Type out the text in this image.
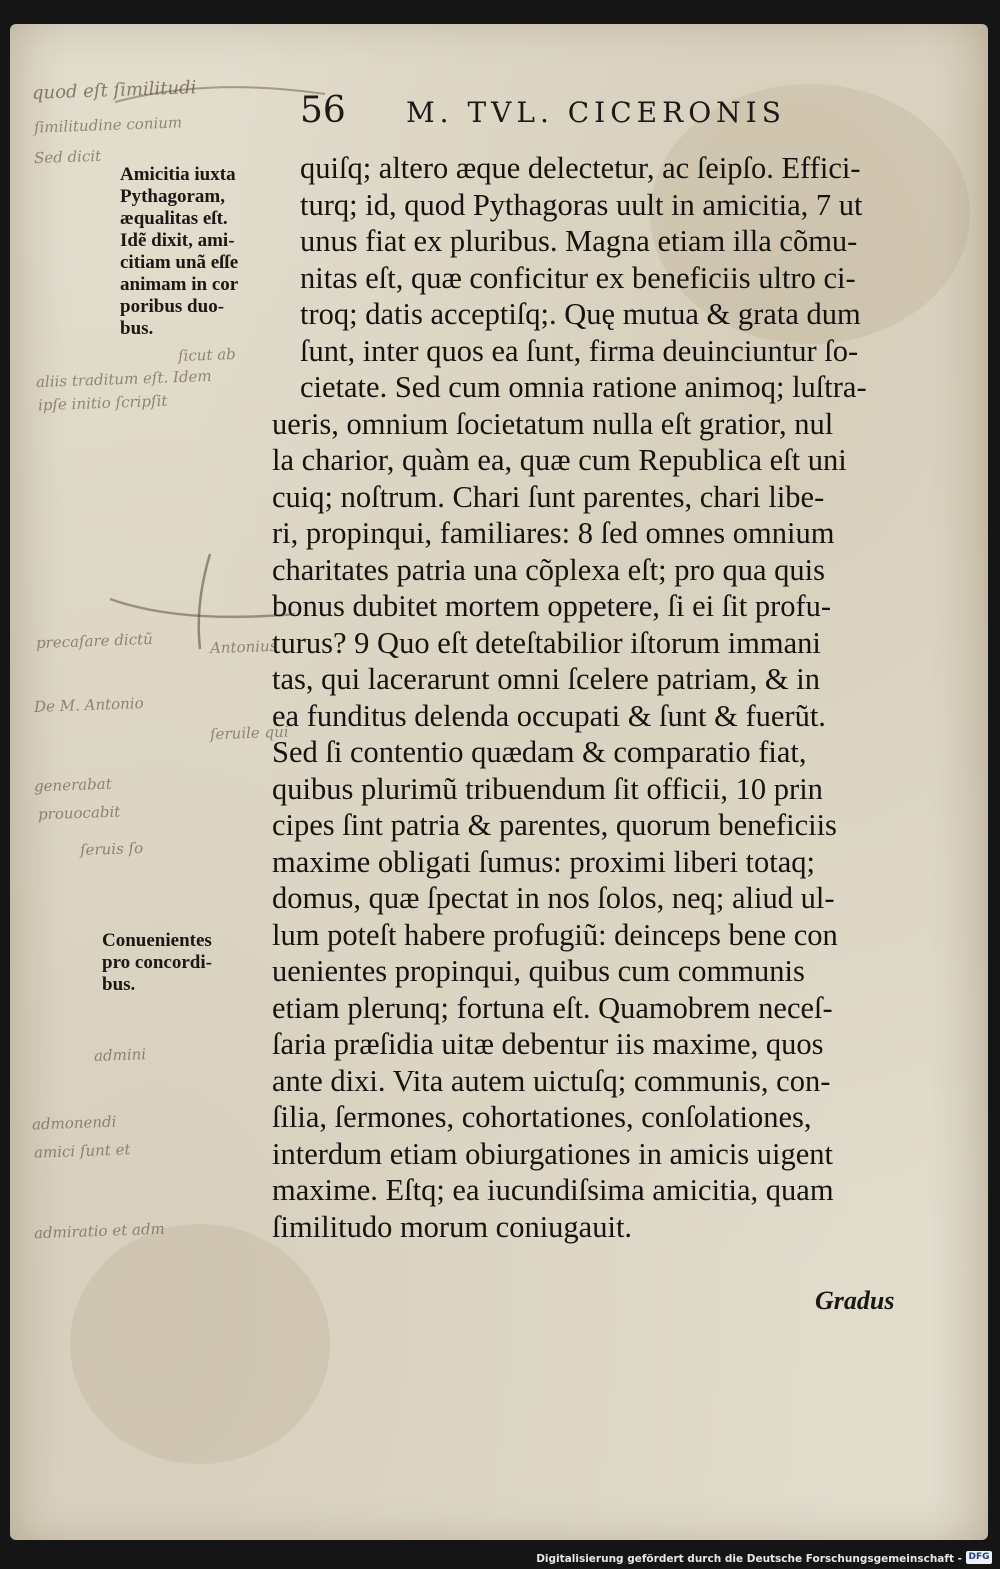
56 M. TVL. CICERONIS
quod eſt ſimilitudi
ſimilitudine conium
Sed dicit
ſicut ab
aliis traditum eſt. Idem
ipſe initio ſcripſit
precaſare dictũ	Antonius
De M. Antonio
ſeruile qui
generabat
prouocabit
ſeruis ſo
admini
admonendi
amici ſunt et
admiratio et adm
Amicitia iuxta
Pythagoram,
æqualitas eſt.
Idẽ dixit, ami-
citiam unã eſſe
animam in cor
poribus duo-
bus.
Conuenientes
pro concordi-
bus.
quiſq; altero æque delectetur, ac ſeipſo. Effici-
turq; id, quod Pythagoras uult in amicitia, 7 ut
unus fiat ex pluribus. Magna etiam illa cõmu-
nitas eſt, quæ conficitur ex beneficiis ultro ci-
troq; datis acceptiſq;. Quę mutua & grata dum
ſunt, inter quos ea ſunt, firma deuinciuntur ſo-
cietate. Sed cum omnia ratione animoq; luſtra-
ueris, omnium ſocietatum nulla eſt gratior, nul
la charior, quàm ea, quæ cum Republica eſt uni
cuiq; noſtrum. Chari ſunt parentes, chari libe-
ri, propinqui, familiares: 8 ſed omnes omnium
charitates patria una cõplexa eſt; pro qua quis
bonus dubitet mortem oppetere, ſi ei ſit profu-
turus? 9 Quo eſt deteſtabilior iſtorum immani
tas, qui lacerarunt omni ſcelere patriam, & in
ea funditus delenda occupati & ſunt & fuerũt.
Sed ſi contentio quædam & comparatio fiat,
quibus plurimũ tribuendum ſit officii, 10 prin
cipes ſint patria & parentes, quorum beneficiis
maxime obligati ſumus: proximi liberi totaq;
domus, quæ ſpectat in nos ſolos, neq; aliud ul-
lum poteſt habere profugiũ: deinceps bene con
uenientes propinqui, quibus cum communis
etiam plerunq; fortuna eſt. Quamobrem neceſ-
ſaria præſidia uitæ debentur iis maxime, quos
ante dixi. Vita autem uictuſq; communis, con-
ſilia, ſermones, cohortationes, conſolationes,
interdum etiam obiurgationes in amicis uigent
maxime. Eſtq; ea iucundiſsima amicitia, quam
ſimilitudo morum coniugauit.
Gradus
Digitalisierung gefördert durch die Deutsche Forschungsgemeinschaft - DFG
